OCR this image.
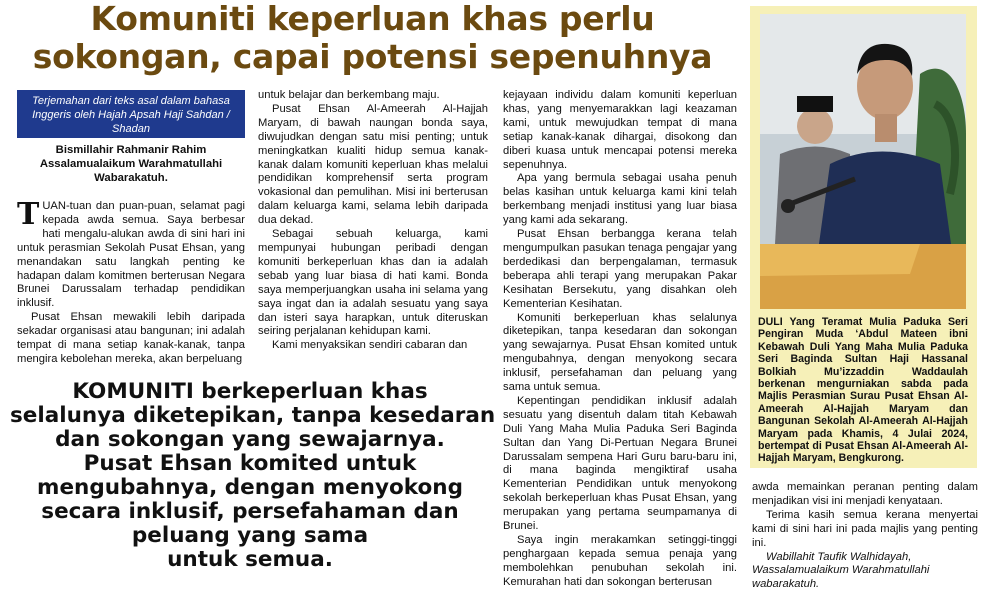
Komuniti keperluan khas perlu
sokongan, capai potensi sepenuhnya
Terjemahan dari teks asal dalam bahasa Inggeris oleh Hajah Apsah Haji Sahdan / Shadan
Bismillahir Rahmanir Rahim
Assalamualaikum Warahmatullahi
Wabarakatuh.

TUAN-tuan dan puan-puan, selamat pagi kepada awda semua. Saya berbesar hati mengalu-alukan awda di sini hari ini untuk perasmian Sekolah Pusat Ehsan, yang menandakan satu langkah penting ke hadapan dalam komitmen berterusan Negara Brunei Darussalam terhadap pendidikan inklusif.

Pusat Ehsan mewakili lebih daripada sekadar organisasi atau bangunan; ini adalah tempat di mana setiap kanak-kanak, tanpa mengira kebolehan mereka, akan berpeluang

untuk belajar dan berkembang maju.

Pusat Ehsan Al-Ameerah Al-Hajjah Maryam, di bawah naungan bonda saya, diwujudkan dengan satu misi penting; untuk meningkatkan kualiti hidup semua kanak-kanak dalam komuniti keperluan khas melalui pendidikan komprehensif serta program vokasional dan pemulihan. Misi ini berterusan dalam keluarga kami, selama lebih daripada dua dekad.

Sebagai sebuah keluarga, kami mempunyai hubungan peribadi dengan komuniti berkeperluan khas dan ia adalah sebab yang luar biasa di hati kami. Bonda saya memperjuangkan usaha ini selama yang saya ingat dan ia adalah sesuatu yang saya dan isteri saya harapkan, untuk diteruskan seiring perjalanan kehidupan kami.

Kami menyaksikan sendiri cabaran dan

kejayaan individu dalam komuniti keperluan khas, yang menyemarakkan lagi keazaman kami, untuk mewujudkan tempat di mana setiap kanak-kanak dihargai, disokong dan diberi kuasa untuk mencapai potensi mereka sepenuhnya.

Apa yang bermula sebagai usaha penuh belas kasihan untuk keluarga kami kini telah berkembang menjadi institusi yang luar biasa yang kami ada sekarang.

Pusat Ehsan berbangga kerana telah mengumpulkan pasukan tenaga pengajar yang berdedikasi dan berpengalaman, termasuk beberapa ahli terapi yang merupakan Pakar Kesihatan Bersekutu, yang disahkan oleh Kementerian Kesihatan.

Komuniti berkeperluan khas selalunya diketepikan, tanpa kesedaran dan sokongan yang sewajarnya. Pusat Ehsan komited untuk mengubahnya, dengan menyokong secara inklusif, persefahaman dan peluang yang sama untuk semua.

Kepentingan pendidikan inklusif adalah sesuatu yang disentuh dalam titah Kebawah Duli Yang Maha Mulia Paduka Seri Baginda Sultan dan Yang Di-Pertuan Negara Brunei Darussalam sempena Hari Guru baru-baru ini, di mana baginda mengiktiraf usaha Kementerian Pendidikan untuk menyokong sekolah berkeperluan khas Pusat Ehsan, yang merupakan yang pertama seumpamanya di Brunei.

Saya ingin merakamkan setinggi-tinggi penghargaan kepada semua penaja yang membolehkan penubuhan sekolah ini. Kemurahan hati dan sokongan berterusan

KOMUNITI berkeperluan khas
selalunya diketepikan, tanpa kesedaran
dan sokongan yang sewajarnya.
Pusat Ehsan komited untuk
mengubahnya, dengan menyokong
secara inklusif, persefahaman dan
peluang yang sama
untuk semua.

DULI Yang Teramat Mulia Paduka Seri Pengiran Muda ‘Abdul Mateen ibni Kebawah Duli Yang Maha Mulia Paduka Seri Baginda Sultan Haji Hassanal Bolkiah Mu’izzaddin Waddaulah berkenan mengurniakan sabda pada Majlis Perasmian Surau Pusat Ehsan Al-Ameerah Al-Hajjah Maryam dan Bangunan Sekolah Al-Ameerah Al-Hajjah Maryam pada Khamis, 4 Julai 2024, bertempat di Pusat Ehsan Al-Ameerah Al-Hajjah Maryam, Bengkurong.

awda memainkan peranan penting dalam menjadikan visi ini menjadi kenyataan.

Terima kasih semua kerana menyertai kami di sini hari ini pada majlis yang penting ini.

Wabillahit Taufik Walhidayah,

Wassalamualaikum Warahmatullahi

wabarakatuh.
